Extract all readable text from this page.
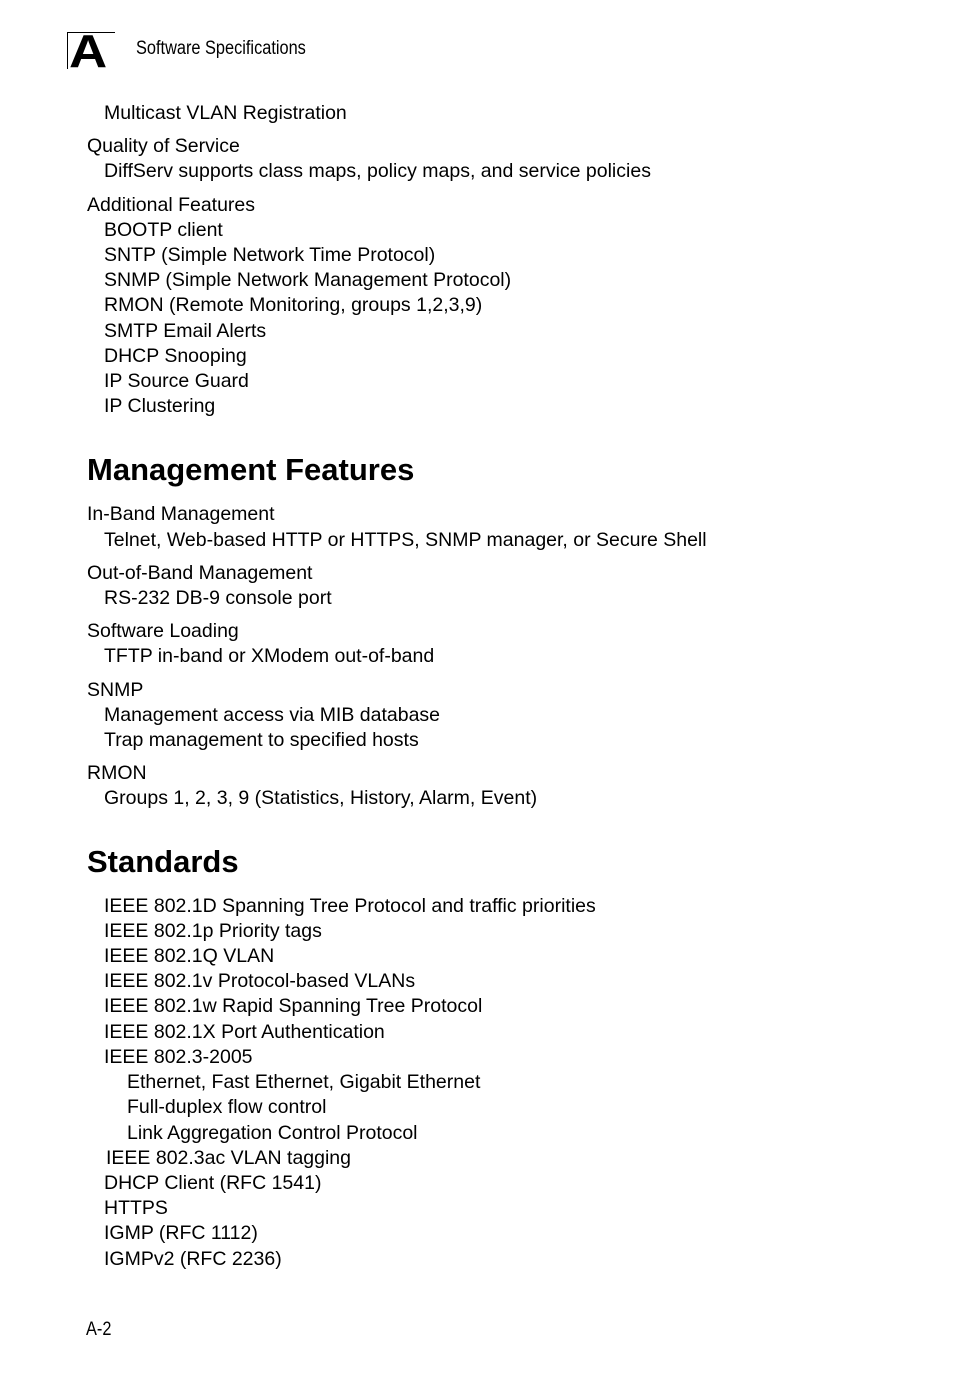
A Software Specifications
Multicast VLAN Registration
Quality of Service
DiffServ supports class maps, policy maps, and service policies
Additional Features
BOOTP client
SNTP (Simple Network Time Protocol)
SNMP (Simple Network Management Protocol)
RMON (Remote Monitoring, groups 1,2,3,9)
SMTP Email Alerts
DHCP Snooping
IP Source Guard
IP Clustering
Management Features
In-Band Management
Telnet, Web-based HTTP or HTTPS, SNMP manager, or Secure Shell
Out-of-Band Management
RS-232 DB-9 console port
Software Loading
TFTP in-band or XModem out-of-band
SNMP
Management access via MIB database
Trap management to specified hosts
RMON
Groups 1, 2, 3, 9 (Statistics, History, Alarm, Event)
Standards
IEEE 802.1D Spanning Tree Protocol and traffic priorities
IEEE 802.1p Priority tags
IEEE 802.1Q VLAN
IEEE 802.1v Protocol-based VLANs
IEEE 802.1w Rapid Spanning Tree Protocol
IEEE 802.1X Port Authentication
IEEE 802.3-2005
Ethernet, Fast Ethernet, Gigabit Ethernet
Full-duplex flow control
Link Aggregation Control Protocol
IEEE 802.3ac VLAN tagging
DHCP Client (RFC 1541)
HTTPS
IGMP (RFC 1112)
IGMPv2 (RFC 2236)
A-2
